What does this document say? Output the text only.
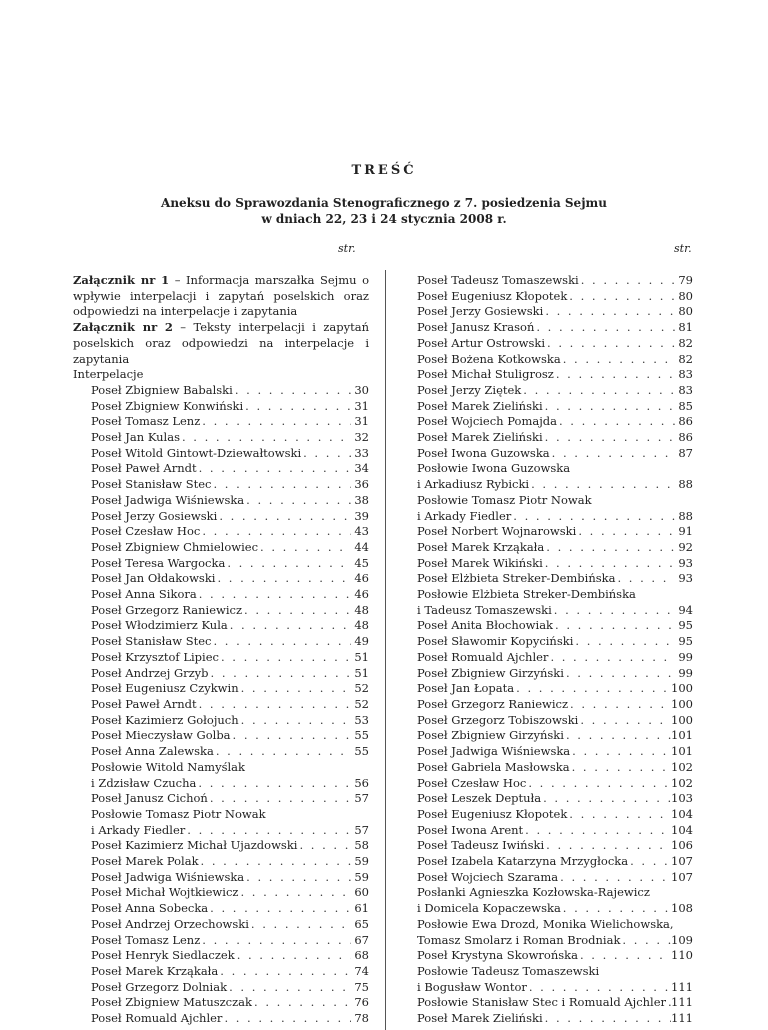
TREŚĆ
Aneksu do Sprawozdania Stenograficznego z 7. posiedzenia Sejmu
w dniach 22, 23 i 24 stycznia 2008 r.
str.	str.
Załącznik nr 1 – Informacja marszałka Sejmu o wpływie interpelacji i zapytań poselskich oraz odpowiedzi na interpelacje i zapytania
Załącznik nr 2 – Teksty interpelacji i zapytań poselskich oraz odpowiedzi na interpelacje i zapytania
Interpelacje
Poseł Zbigniew Babalski . . .	30
Poseł Zbigniew Konwiński . . .	31
Poseł Tomasz Lenz . . .	31
Poseł Jan Kulas . . .	32
Poseł Witold Gintowt-Dziewałtowski . . .	33
Poseł Paweł Arndt . . .	34
Poseł Stanisław Stec . . .	36
Poseł Jadwiga Wiśniewska . . .	38
Poseł Jerzy Gosiewski . . .	39
Poseł Czesław Hoc . . .	43
Poseł Zbigniew Chmielowiec . . .	44
Poseł Teresa Wargocka . . .	45
Poseł Jan Ołdakowski . . .	46
Poseł Anna Sikora . . .	46
Poseł Grzegorz Raniewicz . . .	48
Poseł Włodzimierz Kula . . .	48
Poseł Stanisław Stec . . .	49
Poseł Krzysztof Lipiec . . .	51
Poseł Andrzej Grzyb . . .	51
Poseł Eugeniusz Czykwin . . .	52
Poseł Paweł Arndt . . .	52
Poseł Kazimierz Gołojuch . . .	53
Poseł Mieczysław Golba . . .	55
Poseł Anna Zalewska . . .	55
Posłowie Witold Namyślak
i Zdzisław Czucha . . .	56
Poseł Janusz Cichoń . . .	57
Posłowie Tomasz Piotr Nowak
i Arkady Fiedler . . .	57
Poseł Kazimierz Michał Ujazdowski . . .	58
Poseł Marek Polak . . .	59
Poseł Jadwiga Wiśniewska . . .	59
Poseł Michał Wojtkiewicz . . .	60
Poseł Anna Sobecka . . .	61
Poseł Andrzej Orzechowski . . .	65
Poseł Tomasz Lenz . . .	67
Poseł Henryk Siedlaczek . . .	68
Poseł Marek Krząkała . . .	74
Poseł Grzegorz Dolniak . . .	75
Poseł Zbigniew Matuszczak . . .	76
Poseł Romuald Ajchler . . .	78
Poseł Tadeusz Tomaszewski . . .	79
Poseł Eugeniusz Kłopotek . . .	80
Poseł Jerzy Gosiewski . . .	80
Poseł Janusz Krasoń . . .	81
Poseł Artur Ostrowski . . .	82
Poseł Bożena Kotkowska . . .	82
Poseł Michał Stuligrosz . . .	83
Poseł Jerzy Ziętek . . .	83
Poseł Marek Zieliński . . .	85
Poseł Wojciech Pomajda . . .	86
Poseł Marek Zieliński . . .	86
Poseł Iwona Guzowska . . .	87
Posłowie Iwona Guzowska
i Arkadiusz Rybicki . . .	88
Posłowie Tomasz Piotr Nowak
i Arkady Fiedler . . .	88
Poseł Norbert Wojnarowski . . .	91
Poseł Marek Krząkała . . .	92
Poseł Marek Wikiński . . .	93
Poseł Elżbieta Streker-Dembińska . . .	93
Posłowie Elżbieta Streker-Dembińska
i Tadeusz Tomaszewski . . .	94
Poseł Anita Błochowiak . . .	95
Poseł Sławomir Kopyciński . . .	95
Poseł Romuald Ajchler . . .	99
Poseł Zbigniew Girzyński . . .	99
Poseł Jan Łopata . . .	100
Poseł Grzegorz Raniewicz . . .	100
Poseł Grzegorz Tobiszowski . . .	100
Poseł Zbigniew Girzyński . . .	101
Poseł Jadwiga Wiśniewska . . .	101
Poseł Gabriela Masłowska . . .	102
Poseł Czesław Hoc . . .	102
Poseł Leszek Deptuła . . .	103
Poseł Eugeniusz Kłopotek . . .	104
Poseł Iwona Arent . . .	104
Poseł Tadeusz Iwiński . . .	106
Poseł Izabela Katarzyna Mrzygłocka . . .	107
Poseł Wojciech Szarama . . .	107
Posłanki Agnieszka Kozłowska-Rajewicz
i Domicela Kopaczewska . . .	108
Posłowie Ewa Drozd, Monika Wielichowska,
Tomasz Smolarz i Roman Brodniak . . .	109
Poseł Krystyna Skowrońska . . .	110
Posłowie Tadeusz Tomaszewski
i Bogusław Wontor . . .	111
Posłowie Stanisław Stec i Romuald Ajchler . . . 111
Poseł Marek Zieliński . . .	111
